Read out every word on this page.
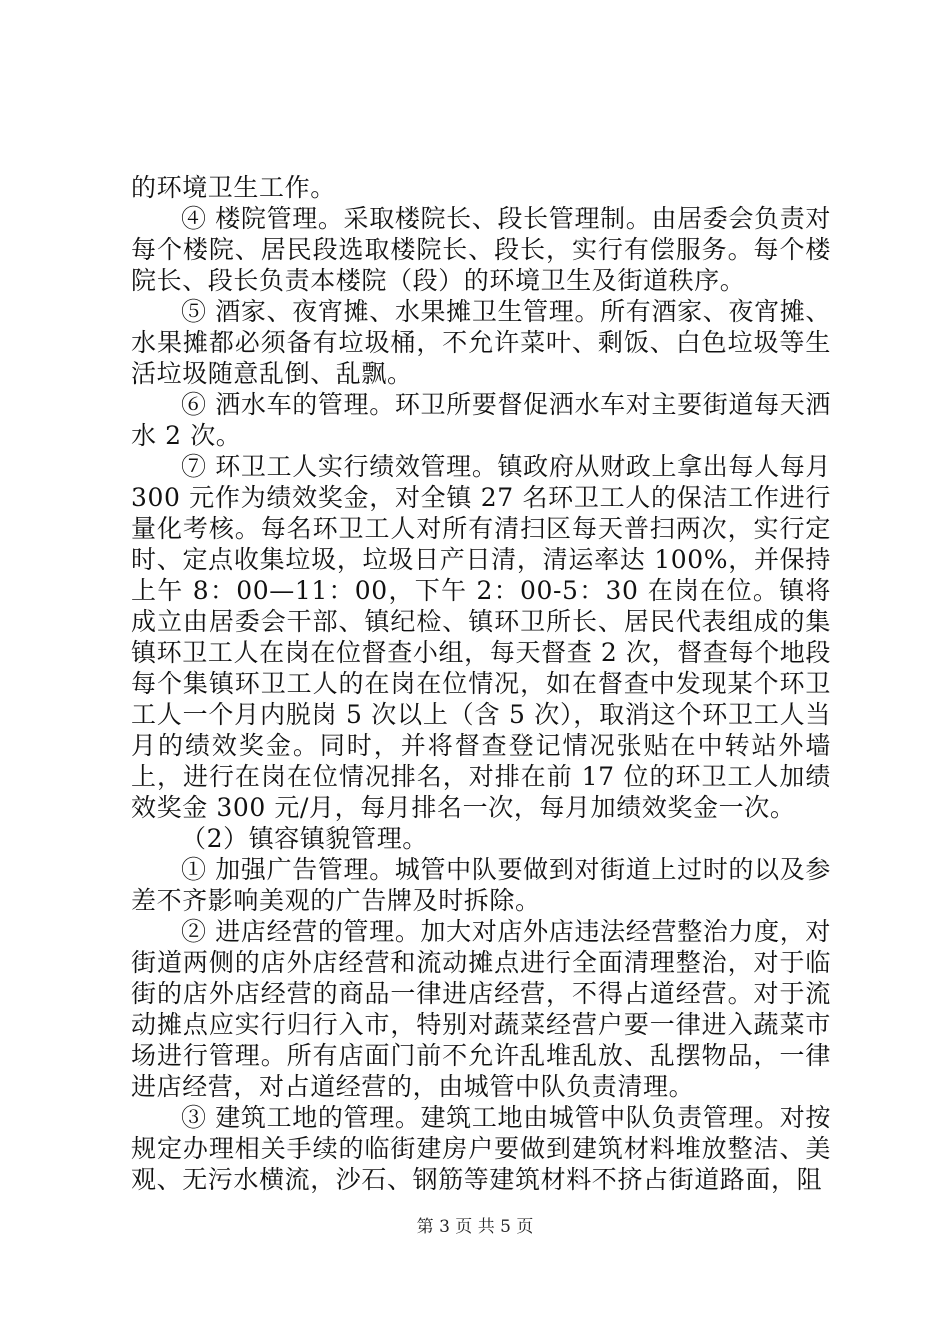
的环境卫生工作。

④ 楼院管理。采取楼院长、段长管理制。由居委会负责对每个楼院、居民段选取楼院长、段长，实行有偿服务。每个楼院长、段长负责本楼院（段）的环境卫生及街道秩序。

⑤ 酒家、夜宵摊、水果摊卫生管理。所有酒家、夜宵摊、水果摊都必须备有垃圾桶，不允许菜叶、剩饭、白色垃圾等生活垃圾随意乱倒、乱飘。

⑥ 洒水车的管理。环卫所要督促洒水车对主要街道每天洒水 2 次。

⑦ 环卫工人实行绩效管理。镇政府从财政上拿出每人每月 300 元作为绩效奖金，对全镇 27 名环卫工人的保洁工作进行量化考核。每名环卫工人对所有清扫区每天普扫两次，实行定时、定点收集垃圾，垃圾日产日清，清运率达 100%，并保持上午 8：00—11：00，下午 2：00-5：30 在岗在位。镇将成立由居委会干部、镇纪检、镇环卫所长、居民代表组成的集镇环卫工人在岗在位督查小组，每天督查 2 次，督查每个地段每个集镇环卫工人的在岗在位情况，如在督查中发现某个环卫工人一个月内脱岗 5 次以上（含 5 次），取消这个环卫工人当月的绩效奖金。同时，并将督查登记情况张贴在中转站外墙上，进行在岗在位情况排名，对排在前 17 位的环卫工人加绩效奖金 300 元/月，每月排名一次，每月加绩效奖金一次。

（2）镇容镇貌管理。

① 加强广告管理。城管中队要做到对街道上过时的以及参差不齐影响美观的广告牌及时拆除。

② 进店经营的管理。加大对店外店违法经营整治力度，对街道两侧的店外店经营和流动摊点进行全面清理整治，对于临街的店外店经营的商品一律进店经营，不得占道经营。对于流动摊点应实行归行入市，特别对蔬菜经营户要一律进入蔬菜市场进行管理。所有店面门前不允许乱堆乱放、乱摆物品，一律进店经营，对占道经营的，由城管中队负责清理。

③ 建筑工地的管理。建筑工地由城管中队负责管理。对按规定办理相关手续的临街建房户要做到建筑材料堆放整洁、美观、无污水横流，沙石、钢筋等建筑材料不挤占街道路面，阻

第 3 页 共 5 页
